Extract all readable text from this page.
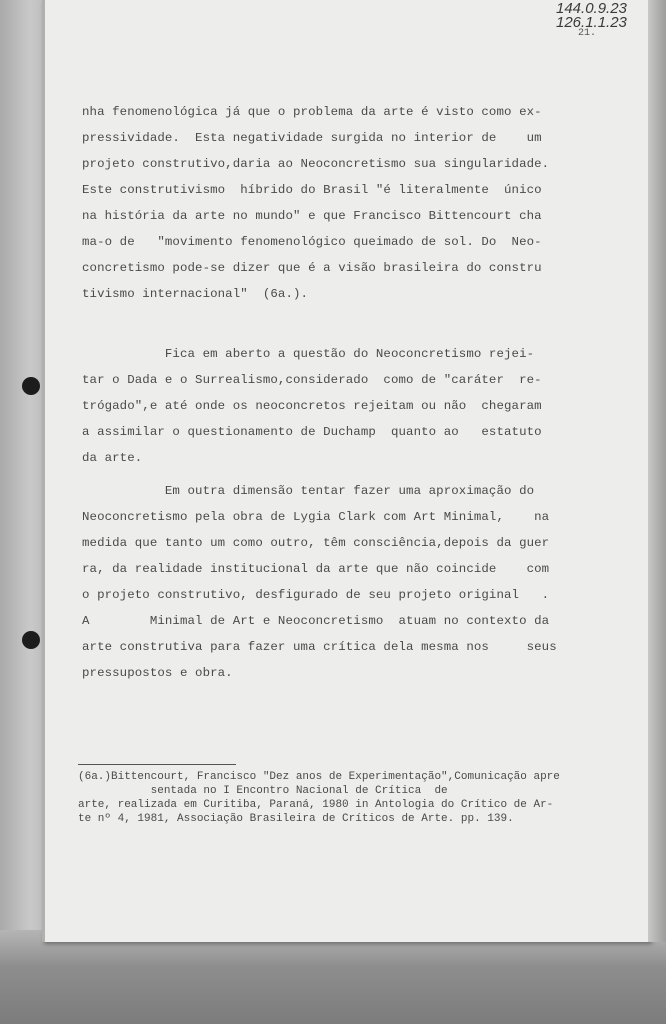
144.0.9.23
126.1.1.23
21.
nha fenomenológica já que o problema da arte é visto como ex-
pressividade.  Esta negatividade surgida no interior de    um
projeto construtivo,daria ao Neoconcretismo sua singularidade.
Este construtivismo  híbrido do Brasil "é literalmente  único
na história da arte no mundo" e que Francisco Bittencourt cha
ma-o de   "movimento fenomenológico queimado de sol. Do  Neo-
concretismo pode-se dizer que é a visão brasileira do constru
tivismo internacional"  (6a.).
Fica em aberto a questão do Neoconcretismo rejei-
tar o Dada e o Surrealismo,considerado  como de "caráter  re-
trógado",e até onde os neoconcretos rejeitam ou não  chegaram
a assimilar o questionamento de Duchamp  quanto ao   estatuto
da arte.
Em outra dimensão tentar fazer uma aproximação do
Neoconcretismo pela obra de Lygia Clark com Art Minimal,    na
medida que tanto um como outro, têm consciência,depois da guer
ra, da realidade institucional da arte que não coincide    com
o projeto construtivo, desfigurado de seu projeto original   .
A        Minimal de Art e Neoconcretismo  atuam no contexto da
arte construtiva para fazer uma crítica dela mesma nos     seus
pressupostos e obra.
(6a.)Bittencourt, Francisco "Dez anos de Experimentação",Comunicação apre
sentada no I Encontro Nacional de Crítica  de
arte, realizada em Curitiba, Paraná, 1980 in Antologia do Crítico de Ar-
te nº 4, 1981, Associação Brasileira de Críticos de Arte. pp. 139.
